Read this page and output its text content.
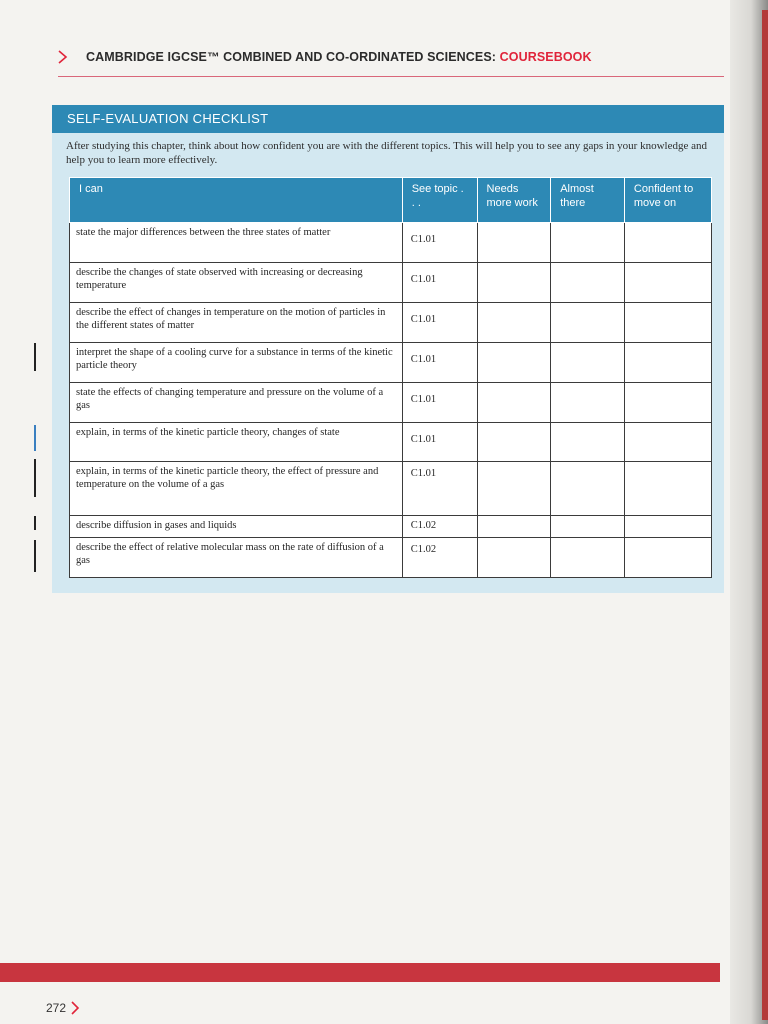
CAMBRIDGE IGCSE™ COMBINED AND CO-ORDINATED SCIENCES: COURSEBOOK
SELF-EVALUATION CHECKLIST
After studying this chapter, think about how confident you are with the different topics. This will help you to see any gaps in your knowledge and help you to learn more effectively.
I can	See topic . . .	Needs more work	Almost there	Confident to move on
state the major differences between the three states of matter	C1.01			
describe the changes of state observed with increasing or decreasing temperature	C1.01			
describe the effect of changes in temperature on the motion of particles in the different states of matter	C1.01			
interpret the shape of a cooling curve for a substance in terms of the kinetic particle theory	C1.01			
state the effects of changing temperature and pressure on the volume of a gas	C1.01			
explain, in terms of the kinetic particle theory, changes of state	C1.01			
explain, in terms of the kinetic particle theory, the effect of pressure and temperature on the volume of a gas	C1.01			
describe diffusion in gases and liquids	C1.02			
describe the effect of relative molecular mass on the rate of diffusion of a gas	C1.02			
272
